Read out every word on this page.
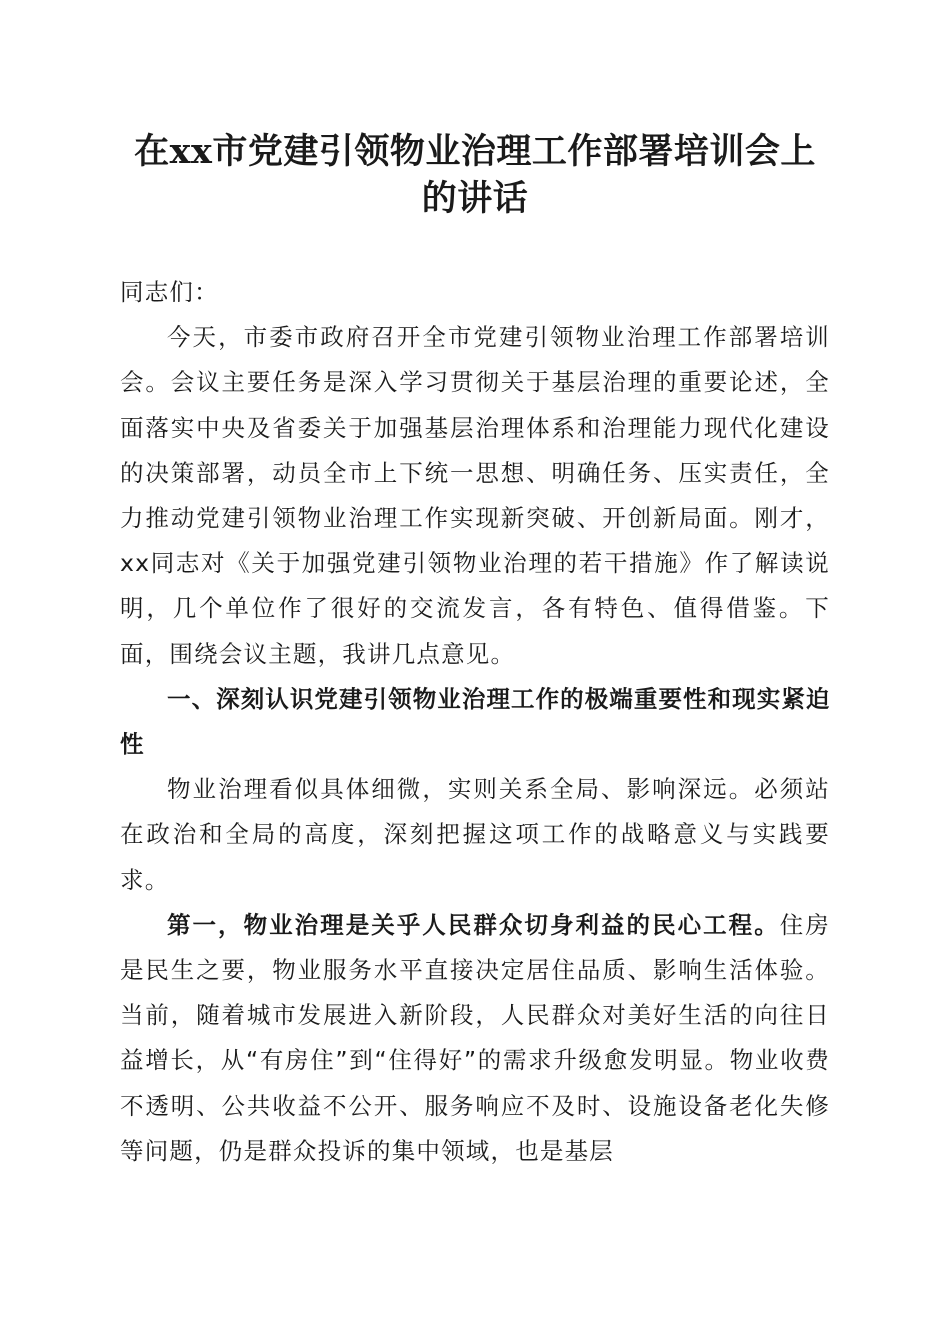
在xx市党建引领物业治理工作部署培训会上
的讲话

同志们：

今天，市委市政府召开全市党建引领物业治理工作部署培训会。会议主要任务是深入学习贯彻关于基层治理的重要论述，全面落实中央及省委关于加强基层治理体系和治理能力现代化建设的决策部署，动员全市上下统一思想、明确任务、压实责任，全力推动党建引领物业治理工作实现新突破、开创新局面。刚才，xx同志对《关于加强党建引领物业治理的若干措施》作了解读说明，几个单位作了很好的交流发言，各有特色、值得借鉴。下面，围绕会议主题，我讲几点意见。

一、深刻认识党建引领物业治理工作的极端重要性和现实紧迫性

物业治理看似具体细微，实则关系全局、影响深远。必须站在政治和全局的高度，深刻把握这项工作的战略意义与实践要求。

第一，物业治理是关乎人民群众切身利益的民心工程。住房是民生之要，物业服务水平直接决定居住品质、影响生活体验。当前，随着城市发展进入新阶段，人民群众对美好生活的向往日益增长，从“有房住”到“住得好”的需求升级愈发明显。物业收费不透明、公共收益不公开、服务响应不及时、设施设备老化失修等问题，仍是群众投诉的集中领域，也是基层
